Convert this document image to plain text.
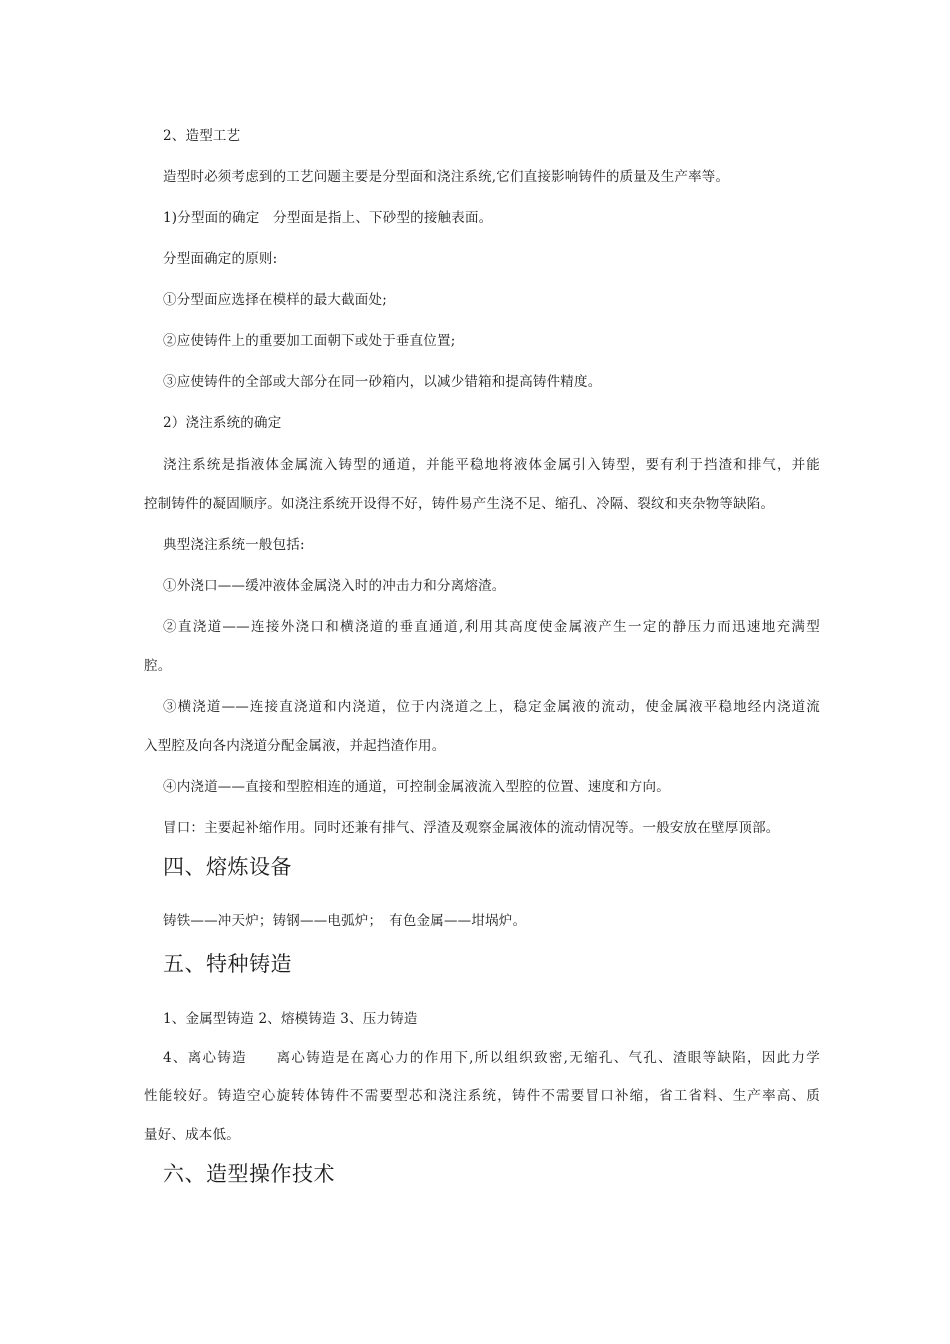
2、造型工艺
造型时必须考虑到的工艺问题主要是分型面和浇注系统,它们直接影响铸件的质量及生产率等。
1)分型面的确定　分型面是指上、下砂型的接触表面。
分型面确定的原则:
①分型面应选择在模样的最大截面处;
②应使铸件上的重要加工面朝下或处于垂直位置;
③应使铸件的全部或大部分在同一砂箱内，以减少错箱和提高铸件精度。
2）浇注系统的确定
浇注系统是指液体金属流入铸型的通道，并能平稳地将液体金属引入铸型，要有利于挡渣和排气，并能
控制铸件的凝固顺序。如浇注系统开设得不好，铸件易产生浇不足、缩孔、冷隔、裂纹和夹杂物等缺陷。
典型浇注系统一般包括:
①外浇口——缓冲液体金属浇入时的冲击力和分离熔渣。
②直浇道——连接外浇口和横浇道的垂直通道,利用其高度使金属液产生一定的静压力而迅速地充满型
腔。
③横浇道——连接直浇道和内浇道，位于内浇道之上，稳定金属液的流动，使金属液平稳地经内浇道流
入型腔及向各内浇道分配金属液，并起挡渣作用。
④内浇道——直接和型腔相连的通道，可控制金属液流入型腔的位置、速度和方向。
冒口：主要起补缩作用。同时还兼有排气、浮渣及观察金属液体的流动情况等。一般安放在壁厚顶部。
四、熔炼设备
铸铁——冲天炉；铸钢——电弧炉；　有色金属——坩埚炉。
五、特种铸造
1、金属型铸造 2、熔模铸造 3、压力铸造
4、离心铸造　　离心铸造是在离心力的作用下,所以组织致密,无缩孔、气孔、渣眼等缺陷，因此力学
性能较好。铸造空心旋转体铸件不需要型芯和浇注系统，铸件不需要冒口补缩，省工省料、生产率高、质
量好、成本低。
六、造型操作技术
